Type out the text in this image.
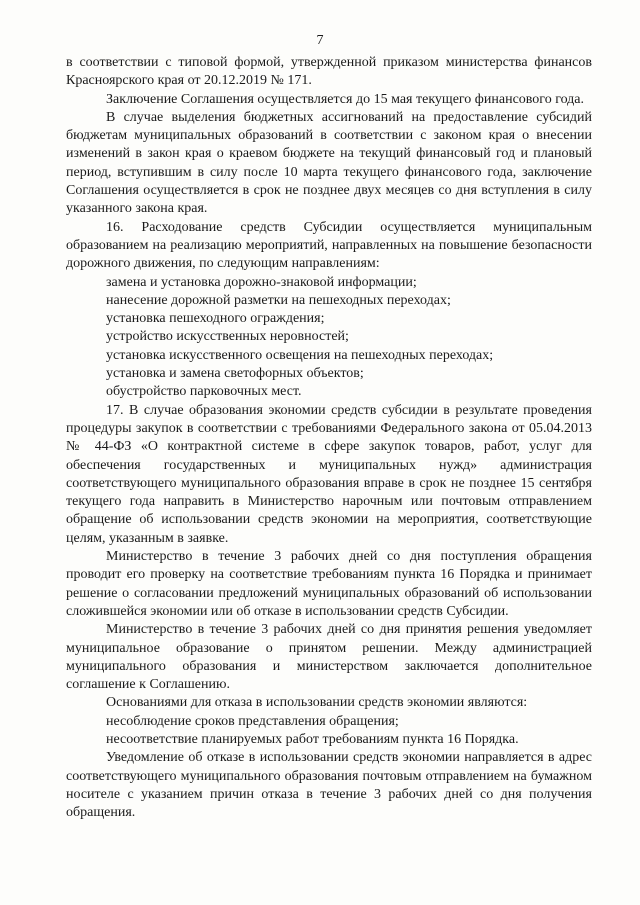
7

в соответствии с типовой формой, утвержденной приказом министерства финансов Красноярского края от 20.12.2019 № 171.

Заключение Соглашения осуществляется до 15 мая текущего финансового года.

В случае выделения бюджетных ассигнований на предоставление субсидий бюджетам муниципальных образований в соответствии с законом края о внесении изменений в закон края о краевом бюджете на текущий финансовый год и плановый период, вступившим в силу после 10 марта текущего финансового года, заключение Соглашения осуществляется в срок не позднее двух месяцев со дня вступления в силу указанного закона края.

16. Расходование средств Субсидии осуществляется муниципальным образованием на реализацию мероприятий, направленных на повышение безопасности дорожного движения, по следующим направлениям:

замена и установка дорожно-знаковой информации;

нанесение дорожной разметки на пешеходных переходах;

установка пешеходного ограждения;

устройство искусственных неровностей;

установка искусственного освещения на пешеходных переходах;

установка и замена светофорных объектов;

обустройство парковочных мест.

17. В случае образования экономии средств субсидии в результате проведения процедуры закупок в соответствии с требованиями Федерального закона от 05.04.2013 № 44-ФЗ «О контрактной системе в сфере закупок товаров, работ, услуг для обеспечения государственных и муниципальных нужд» администрация соответствующего муниципального образования вправе в срок не позднее 15 сентября текущего года направить в Министерство нарочным или почтовым отправлением обращение об использовании средств экономии на мероприятия, соответствующие целям, указанным в заявке.

Министерство в течение 3 рабочих дней со дня поступления обращения проводит его проверку на соответствие требованиям пункта 16 Порядка и принимает решение о согласовании предложений муниципальных образований об использовании сложившейся экономии или об отказе в использовании средств Субсидии.

Министерство в течение 3 рабочих дней со дня принятия решения уведомляет муниципальное образование о принятом решении. Между администрацией муниципального образования и министерством заключается дополнительное соглашение к Соглашению.

Основаниями для отказа в использовании средств экономии являются:

несоблюдение сроков представления обращения;

несоответствие планируемых работ требованиям пункта 16 Порядка.

Уведомление об отказе в использовании средств экономии направляется в адрес соответствующего муниципального образования почтовым отправлением на бумажном носителе с указанием причин отказа в течение 3 рабочих дней со дня получения обращения.
